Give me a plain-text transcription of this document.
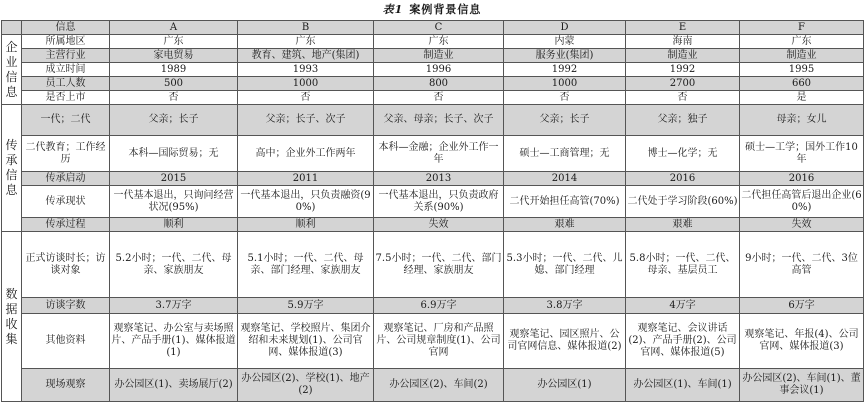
表1 案例背景信息
	信息	A	B	C	D	E	F
企业信息	所属地区	广东	广东	广东	内蒙	海南	广东
	主营行业	家电贸易	教育、建筑、地产(集团)	制造业	服务业(集团)	制造业	制造业
	成立时间	1989	1993	1996	1992	1992	1995
	员工人数	500	1000	800	1000	2700	660
	是否上市	否	否	否	否	否	是
传承信息	一代；二代	父亲；长子	父亲；长子、次子	父亲、母亲；长子、次子	父亲；长子	父亲；独子	母亲；女儿
	二代教育；工作经历	本科—国际贸易；无	高中；企业外工作两年	本科—金融；企业外工作一年	硕士—工商管理；无	博士—化学；无	硕士—工学；国外工作10年
	传承启动	2015	2011	2013	2014	2016	2016
	传承现状	一代基本退出，只询问经营状况(95%)	一代基本退出，只负责融资(90%)	一代基本退出，只负责政府关系(90%)	二代开始担任高管(70%)	二代处于学习阶段(60%)	二代担任高管后退出企业(60%)
	传承过程	顺利	顺利	失效	艰难	艰难	失效
数据收集	正式访谈时长；访谈对象	5.2小时；一代、二代、母亲、家族朋友	5.1小时；一代、二代、母亲、部门经理、家族朋友	7.5小时；一代、二代、部门经理、家族朋友	5.3小时；一代、二代、儿媳、部门经理	5.8小时；一代、二代、母亲、基层员工	9小时；一代、二代、3位高管
	访谈字数	3.7万字	5.9万字	6.9万字	3.8万字	4万字	6万字
	其他资料	观察笔记、办公室与卖场照片、产品手册(1)、媒体报道(1)	观察笔记、学校照片、集团介绍和未来规划(1)、公司官网、媒体报道(3)	观察笔记、厂房和产品照片、公司规章制度(1)、公司官网	观察笔记、园区照片、公司官网信息、媒体报道(2)	观察笔记、会议讲话(2)、产品手册(2)、公司官网、媒体报道(5)	观察笔记、年报(4)、公司官网、媒体报道(3)
	现场观察	办公园区(1)、卖场展厅(2)	办公园区(2)、学校(1)、地产(2)	办公园区(2)、车间(2)	办公园区(1)	办公园区(1)、车间(1)	办公园区(2)、车间(1)、董事会议(1)
